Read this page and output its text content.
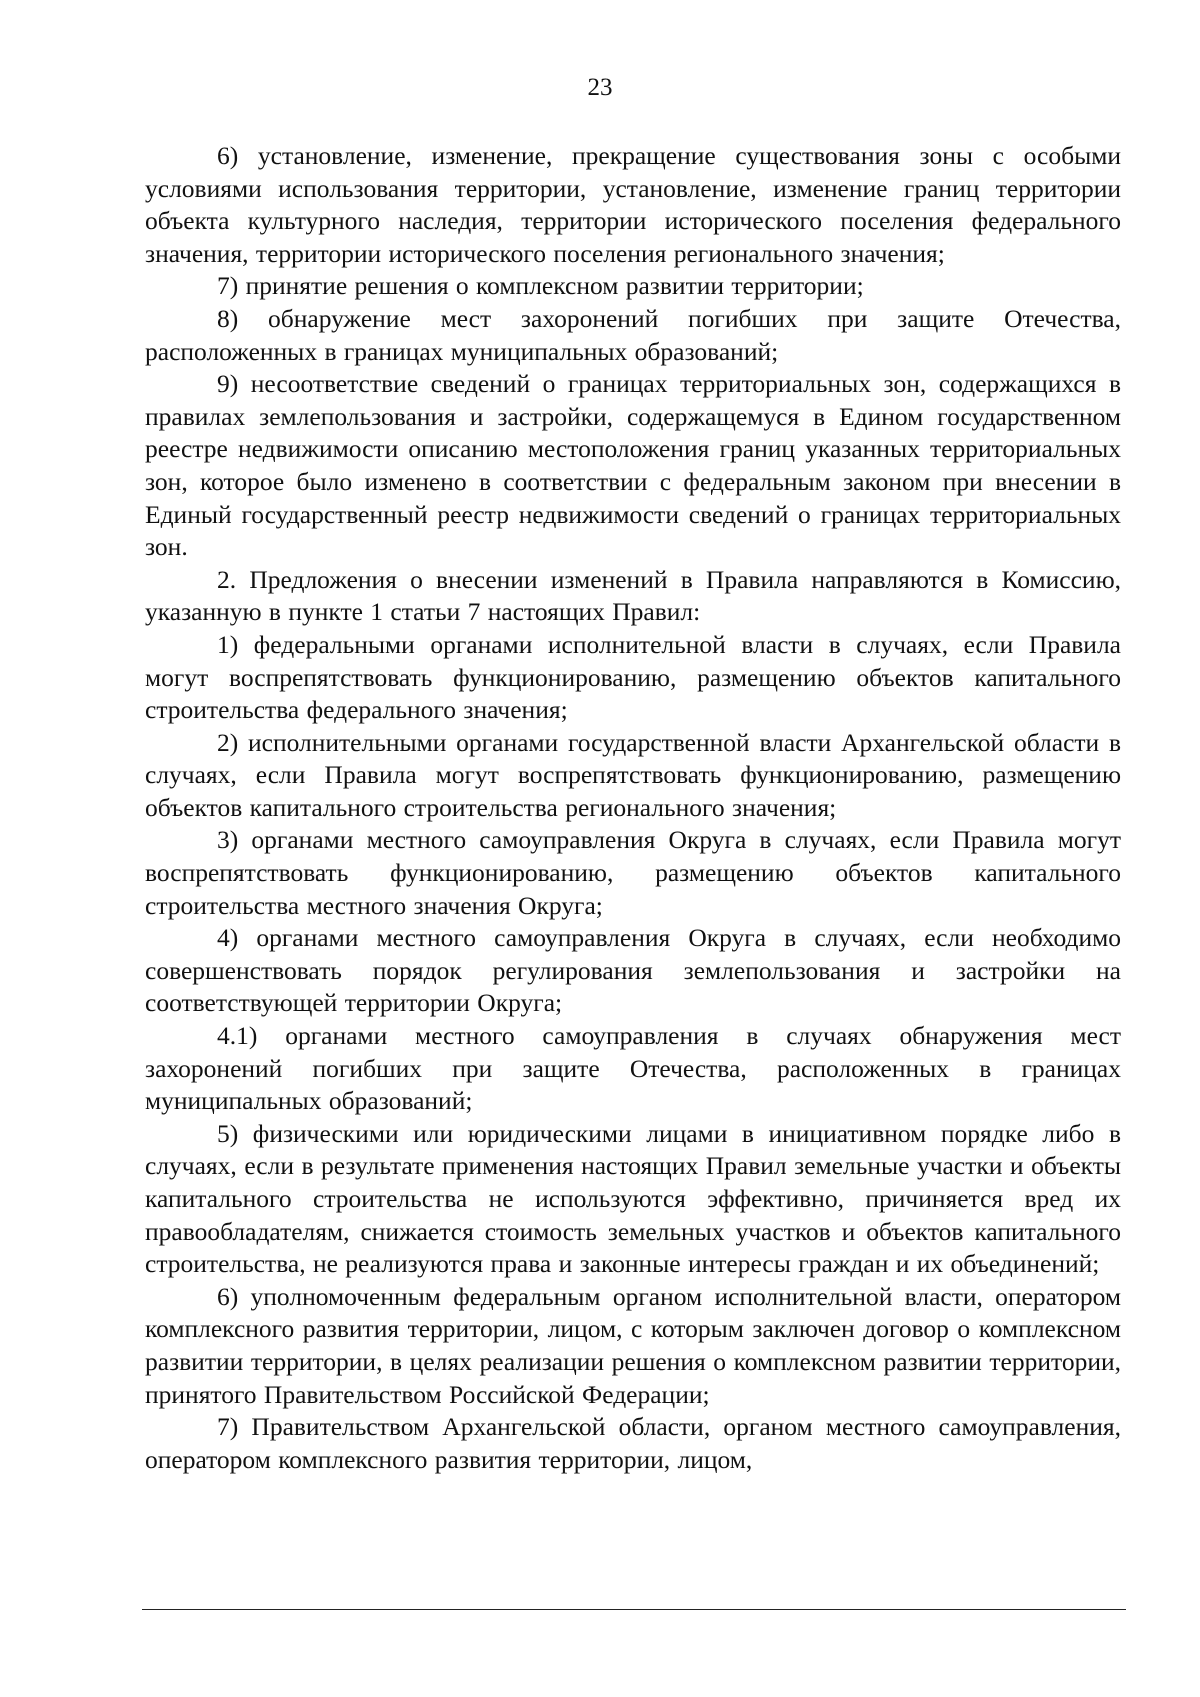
23

6) установление, изменение, прекращение существования зоны с особыми условиями использования территории, установление, изменение границ территории объекта культурного наследия, территории исторического поселения федерального значения, территории исторического поселения регионального значения;

7) принятие решения о комплексном развитии территории;

8) обнаружение мест захоронений погибших при защите Отечества, расположенных в границах муниципальных образований;

9) несоответствие сведений о границах территориальных зон, содержащихся в правилах землепользования и застройки, содержащемуся в Едином государственном реестре недвижимости описанию местоположения границ указанных территориальных зон, которое было изменено в соответствии с федеральным законом при внесении в Единый государственный реестр недвижимости сведений о границах территориальных зон.

2. Предложения о внесении изменений в Правила направляются в Комиссию, указанную в пункте 1 статьи 7 настоящих Правил:

1) федеральными органами исполнительной власти в случаях, если Правила могут воспрепятствовать функционированию, размещению объектов капитального строительства федерального значения;

2) исполнительными органами государственной власти Архангельской области в случаях, если Правила могут воспрепятствовать функционированию, размещению объектов капитального строительства регионального значения;

3) органами местного самоуправления Округа в случаях, если Правила могут воспрепятствовать функционированию, размещению объектов капитального строительства местного значения Округа;

4) органами местного самоуправления Округа в случаях, если необходимо совершенствовать порядок регулирования землепользования и застройки на соответствующей территории Округа;

4.1) органами местного самоуправления в случаях обнаружения мест захоронений погибших при защите Отечества, расположенных в границах муниципальных образований;

5) физическими или юридическими лицами в инициативном порядке либо в случаях, если в результате применения настоящих Правил земельные участки и объекты капитального строительства не используются эффективно, причиняется вред их правообладателям, снижается стоимость земельных участков и объектов капитального строительства, не реализуются права и законные интересы граждан и их объединений;

6) уполномоченным федеральным органом исполнительной власти, оператором комплексного развития территории, лицом, с которым заключен договор о комплексном развитии территории, в целях реализации решения о комплексном развитии территории, принятого Правительством Российской Федерации;

7) Правительством Архангельской области, органом местного самоуправления, оператором комплексного развития территории, лицом,
